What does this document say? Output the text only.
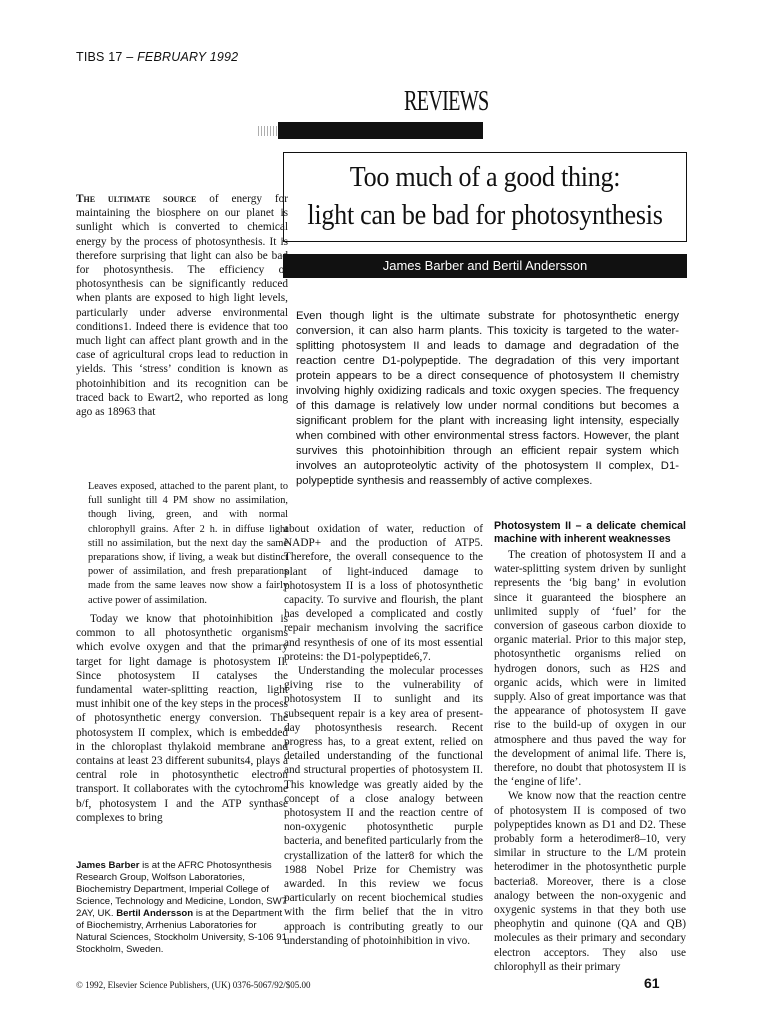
TIBS 17 – FEBRUARY 1992
REVIEWS
Too much of a good thing:
light can be bad for photosynthesis
James Barber and Bertil Andersson
Even though light is the ultimate substrate for photosynthetic energy conversion, it can also harm plants. This toxicity is targeted to the water-splitting photosystem II and leads to damage and degradation of the reaction centre D1-polypeptide. The degradation of this very important protein appears to be a direct consequence of photosystem II chemistry involving highly oxidizing radicals and toxic oxygen species. The frequency of this damage is relatively low under normal conditions but becomes a significant problem for the plant with increasing light intensity, especially when combined with other environmental stress factors. However, the plant survives this photoinhibition through an efficient repair system which involves an autoproteolytic activity of the photosystem II complex, D1-polypeptide synthesis and reassembly of active complexes.

The ultimate source of energy for maintaining the biosphere on our planet is sunlight which is converted to chemical energy by the process of photosynthesis. It is therefore surprising that light can also be bad for photosynthesis. The efficiency of photosynthesis can be significantly reduced when plants are exposed to high light levels, particularly under adverse environmental conditions1. Indeed there is evidence that too much light can affect plant growth and in the case of agricultural crops lead to reduction in yields. This ‘stress’ condition is known as photoinhibition and its recognition can be traced back to Ewart2, who reported as long ago as 18963 that

Leaves exposed, attached to the parent plant, to full sunlight till 4 PM show no assimilation, though living, green, and with normal chlorophyll grains. After 2 h. in diffuse light still no assimilation, but the next day the same preparations show, if living, a weak but distinct power of assimilation, and fresh preparations made from the same leaves now show a fairly active power of assimilation.

Today we know that photoinhibition is common to all photosynthetic organisms which evolve oxygen and that the primary target for light damage is photosystem II. Since photosystem II catalyses the fundamental water-splitting reaction, light must inhibit one of the key steps in the process of photosynthetic energy conversion. The photosystem II complex, which is embedded in the chloroplast thylakoid membrane and contains at least 23 different subunits4, plays a central role in photosynthetic electron transport. It collaborates with the cytochrome b/f, photosystem I and the ATP synthase complexes to bring

James Barber is at the AFRC Photosynthesis Research Group, Wolfson Laboratories, Biochemistry Department, Imperial College of Science, Technology and Medicine, London, SW7 2AY, UK. Bertil Andersson is at the Department of Biochemistry, Arrhenius Laboratories for Natural Sciences, Stockholm University, S-106 91 Stockholm, Sweden.

about oxidation of water, reduction of NADP+ and the production of ATP5. Therefore, the overall consequence to the plant of light-induced damage to photosystem II is a loss of photosynthetic capacity. To survive and flourish, the plant has developed a complicated and costly repair mechanism involving the sacrifice and resynthesis of one of its most essential proteins: the D1-polypeptide6,7.

Understanding the molecular processes giving rise to the vulnerability of photosystem II to sunlight and its subsequent repair is a key area of present-day photosynthesis research. Recent progress has, to a great extent, relied on detailed understanding of the functional and structural properties of photosystem II. This knowledge was greatly aided by the concept of a close analogy between photosystem II and the reaction centre of non-oxygenic photosynthetic purple bacteria, and benefited particularly from the crystallization of the latter8 for which the 1988 Nobel Prize for Chemistry was awarded. In this review we focus particularly on recent biochemical studies with the firm belief that the in vitro approach is contributing greatly to our understanding of photoinhibition in vivo.

Photosystem II – a delicate chemical machine with inherent weaknesses

The creation of photosystem II and a water-splitting system driven by sunlight represents the ‘big bang’ in evolution since it guaranteed the biosphere an unlimited supply of ‘fuel’ for the conversion of gaseous carbon dioxide to organic material. Prior to this major step, photosynthetic organisms relied on hydrogen donors, such as H2S and organic acids, which were in limited supply. Also of great importance was that the appearance of photosystem II gave rise to the build-up of oxygen in our atmosphere and thus paved the way for the development of animal life. There is, therefore, no doubt that photosystem II is the ‘engine of life’.

We know now that the reaction centre of photosystem II is composed of two polypeptides known as D1 and D2. These probably form a heterodimer8–10, very similar in structure to the L/M protein heterodimer in the photosynthetic purple bacteria8. Moreover, there is a close analogy between the non-oxygenic and oxygenic systems in that they both use pheophytin and quinone (QA and QB) molecules as their primary and secondary electron acceptors. They also use chlorophyll as their primary

© 1992, Elsevier Science Publishers, (UK) 0376-5067/92/$05.00	61
